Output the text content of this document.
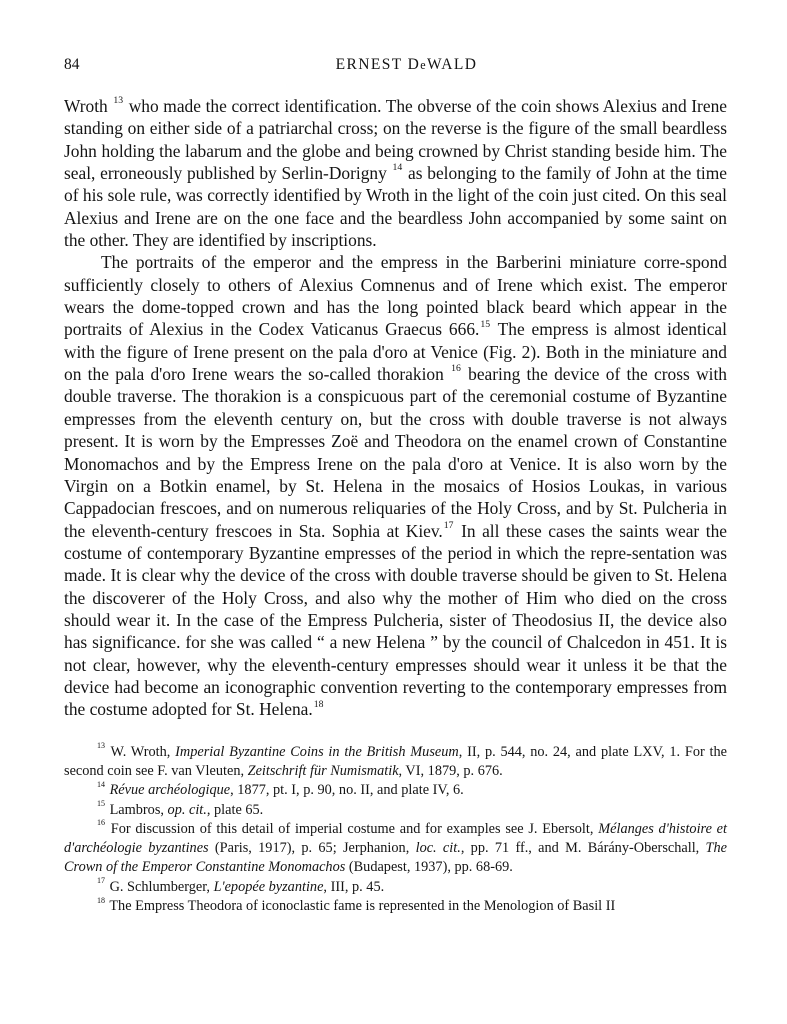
84	ERNEST DeWALD

Wroth $^{13}$ who made the correct identification. The obverse of the coin shows Alexius and Irene standing on either side of a patriarchal cross; on the reverse is the figure of the small beardless John holding the labarum and the globe and being crowned by Christ standing beside him. The seal, erroneously published by Serlin-Dorigny $^{14}$ as belonging to the family of John at the time of his sole rule, was correctly identified by Wroth in the light of the coin just cited. On this seal Alexius and Irene are on the one face and the beardless John accompanied by some saint on the other. They are identified by inscriptions.

The portraits of the emperor and the empress in the Barberini miniature corre-spond sufficiently closely to others of Alexius Comnenus and of Irene which exist. The emperor wears the dome-topped crown and has the long pointed black beard which appear in the portraits of Alexius in the Codex Vaticanus Graecus 666.15 The empress is almost identical with the figure of Irene present on the pala d'oro at Venice (Fig. 2). Both in the miniature and on the pala d'oro Irene wears the so-called thorakion $^{16}$ bearing the device of the cross with double traverse. The thorakion is a conspicuous part of the ceremonial costume of Byzantine empresses from the eleventh century on, but the cross with double traverse is not always present. It is worn by the Empresses Zoë and Theodora on the enamel crown of Constantine Monomachos and by the Empress Irene on the pala d'oro at Venice. It is also worn by the Virgin on a Botkin enamel, by St. Helena in the mosaics of Hosios Loukas, in various Cappadocian frescoes, and on numerous reliquaries of the Holy Cross, and by St. Pulcheria in the eleventh-century frescoes in Sta. Sophia at Kiev.$^{17}$ In all these cases the saints wear the costume of contemporary Byzantine empresses of the period in which the repre-sentation was made. It is clear why the device of the cross with double traverse should be given to St. Helena the discoverer of the Holy Cross, and also why the mother of Him who died on the cross should wear it. In the case of the Empress Pulcheria, sister of Theodosius II, the device also has significance. for she was called “ a new Helena ” by the council of Chalcedon in 451. It is not clear, however, why the eleventh-century empresses should wear it unless it be that the device had become an iconographic convention reverting to the contemporary empresses from the costume adopted for St. Helena.$^{18}$

$^{13}$ W. Wroth, Imperial Byzantine Coins in the British Museum, II, p. 544, no. 24, and plate LXV, 1. For the second coin see F. van Vleuten, Zeitschrift für Numismatik, VI, 1879, p. 676.

$^{14}$ Révue archéologique, 1877, pt. I, p. 90, no. II, and plate IV, 6.

$^{15}$ Lambros, op. cit., plate 65.

$^{16}$ For discussion of this detail of imperial costume and for examples see J. Ebersolt, Mélanges d'histoire et d'archéologie byzantines (Paris, 1917), p. 65; Jerphanion, loc. cit., pp. 71 ff., and M. Bárány-Oberschall, The Crown of the Emperor Constantine Monomachos (Budapest, 1937), pp. 68-69.

$^{17}$ G. Schlumberger, L'epopée byzantine, III, p. 45.

$^{18}$ The Empress Theodora of iconoclastic fame is represented in the Menologion of Basil II
